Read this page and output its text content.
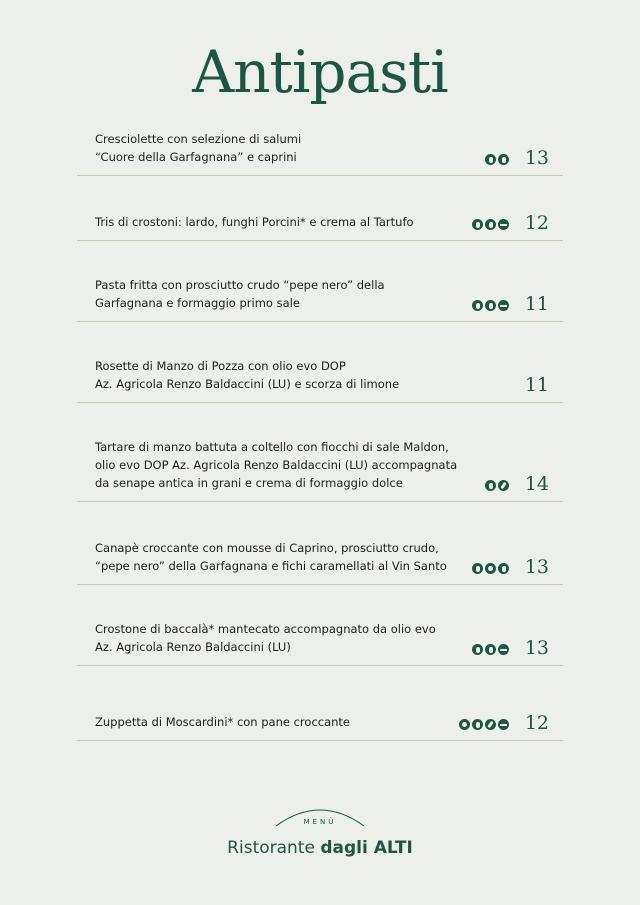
Antipasti
Cresciolette con selezione di salumi
“Cuore della Garfagnana” e caprini	13
Tris di crostoni: lardo, funghi Porcini* e crema al Tartufo	12
Pasta fritta con prosciutto crudo “pepe nero” della
Garfagnana e formaggio primo sale	11
Rosette di Manzo di Pozza con olio evo DOP
Az. Agricola Renzo Baldaccini (LU) e scorza di limone	11
Tartare di manzo battuta a coltello con fiocchi di sale Maldon,
olio evo DOP Az. Agricola Renzo Baldaccini (LU) accompagnata
da senape antica in grani e crema di formaggio dolce	14
Canapè croccante con mousse di Caprino, prosciutto crudo,
“pepe nero” della Garfagnana e fichi caramellati al Vin Santo	13
Crostone di baccalà* mantecato accompagnato da olio evo
Az. Agricola Renzo Baldaccini (LU)	13
Zuppetta di Moscardini* con pane croccante	12
MENÙ
Ristorante dagli ALTI
